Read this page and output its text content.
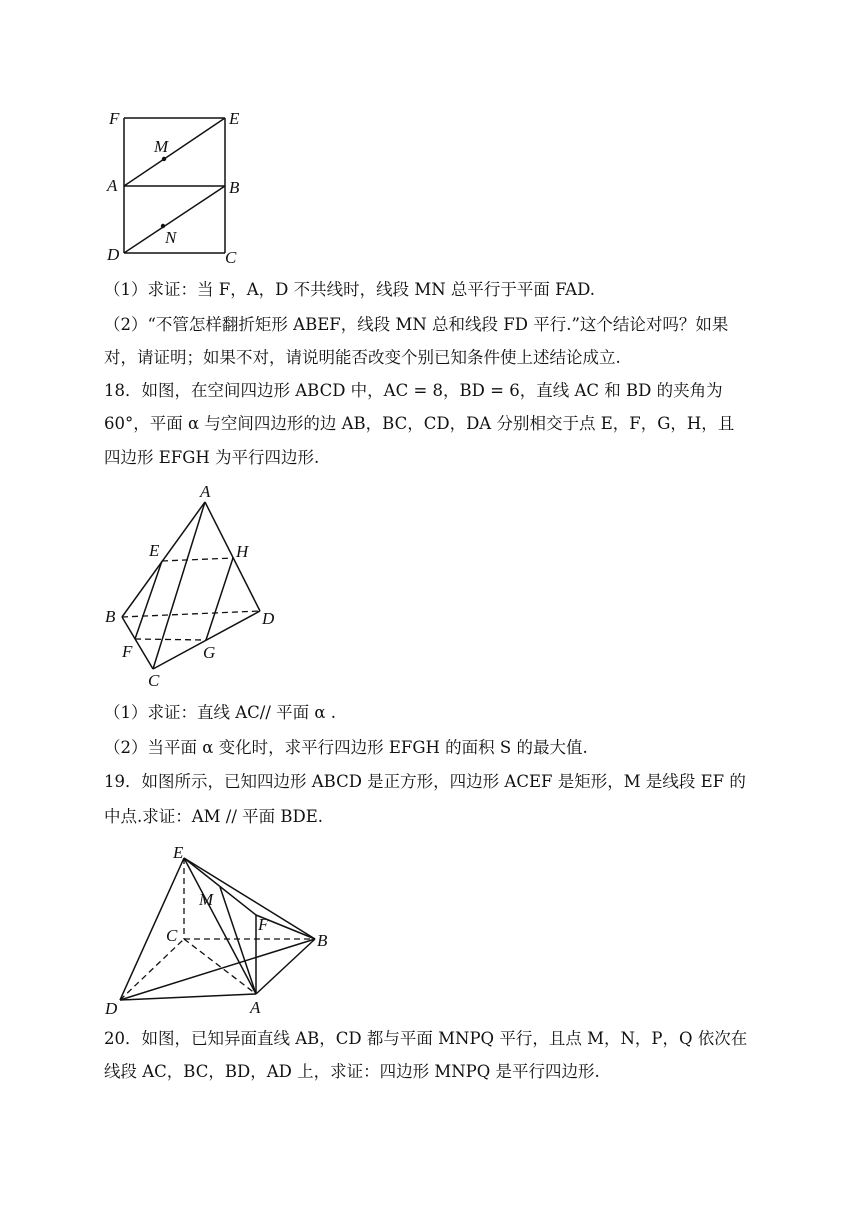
F	E
M
A	B
D
N
C
（1）求证：当 F，A，D 不共线时，线段 MN 总平行于平面 FAD.
（2）“不管怎样翻折矩形 ABEF，线段 MN 总和线段 FD 平行.”这个结论对吗？如果
对，请证明；如果不对，请说明能否改变个别已知条件使上述结论成立.
18．如图，在空间四边形 ABCD 中，AC = 8，BD = 6，直线 AC 和 BD 的夹角为
60°，平面 α 与空间四边形的边 AB，BC，CD，DA 分别相交于点 E，F，G，H，且
四边形 EFGH 为平行四边形.
A
E	H
B	D
F	G
C
（1）求证：直线 AC// 平面 α .
（2）当平面 α 变化时，求平行四边形 EFGH 的面积 S 的最大值.
19．如图所示，已知四边形 ABCD 是正方形，四边形 ACEF 是矩形，M 是线段 EF 的
中点.求证：AM // 平面 BDE.
E
M
F
C	B
D	A
20．如图，已知异面直线 AB，CD 都与平面 MNPQ 平行，且点 M，N，P，Q 依次在
线段 AC，BC，BD，AD 上，求证：四边形 MNPQ 是平行四边形.
